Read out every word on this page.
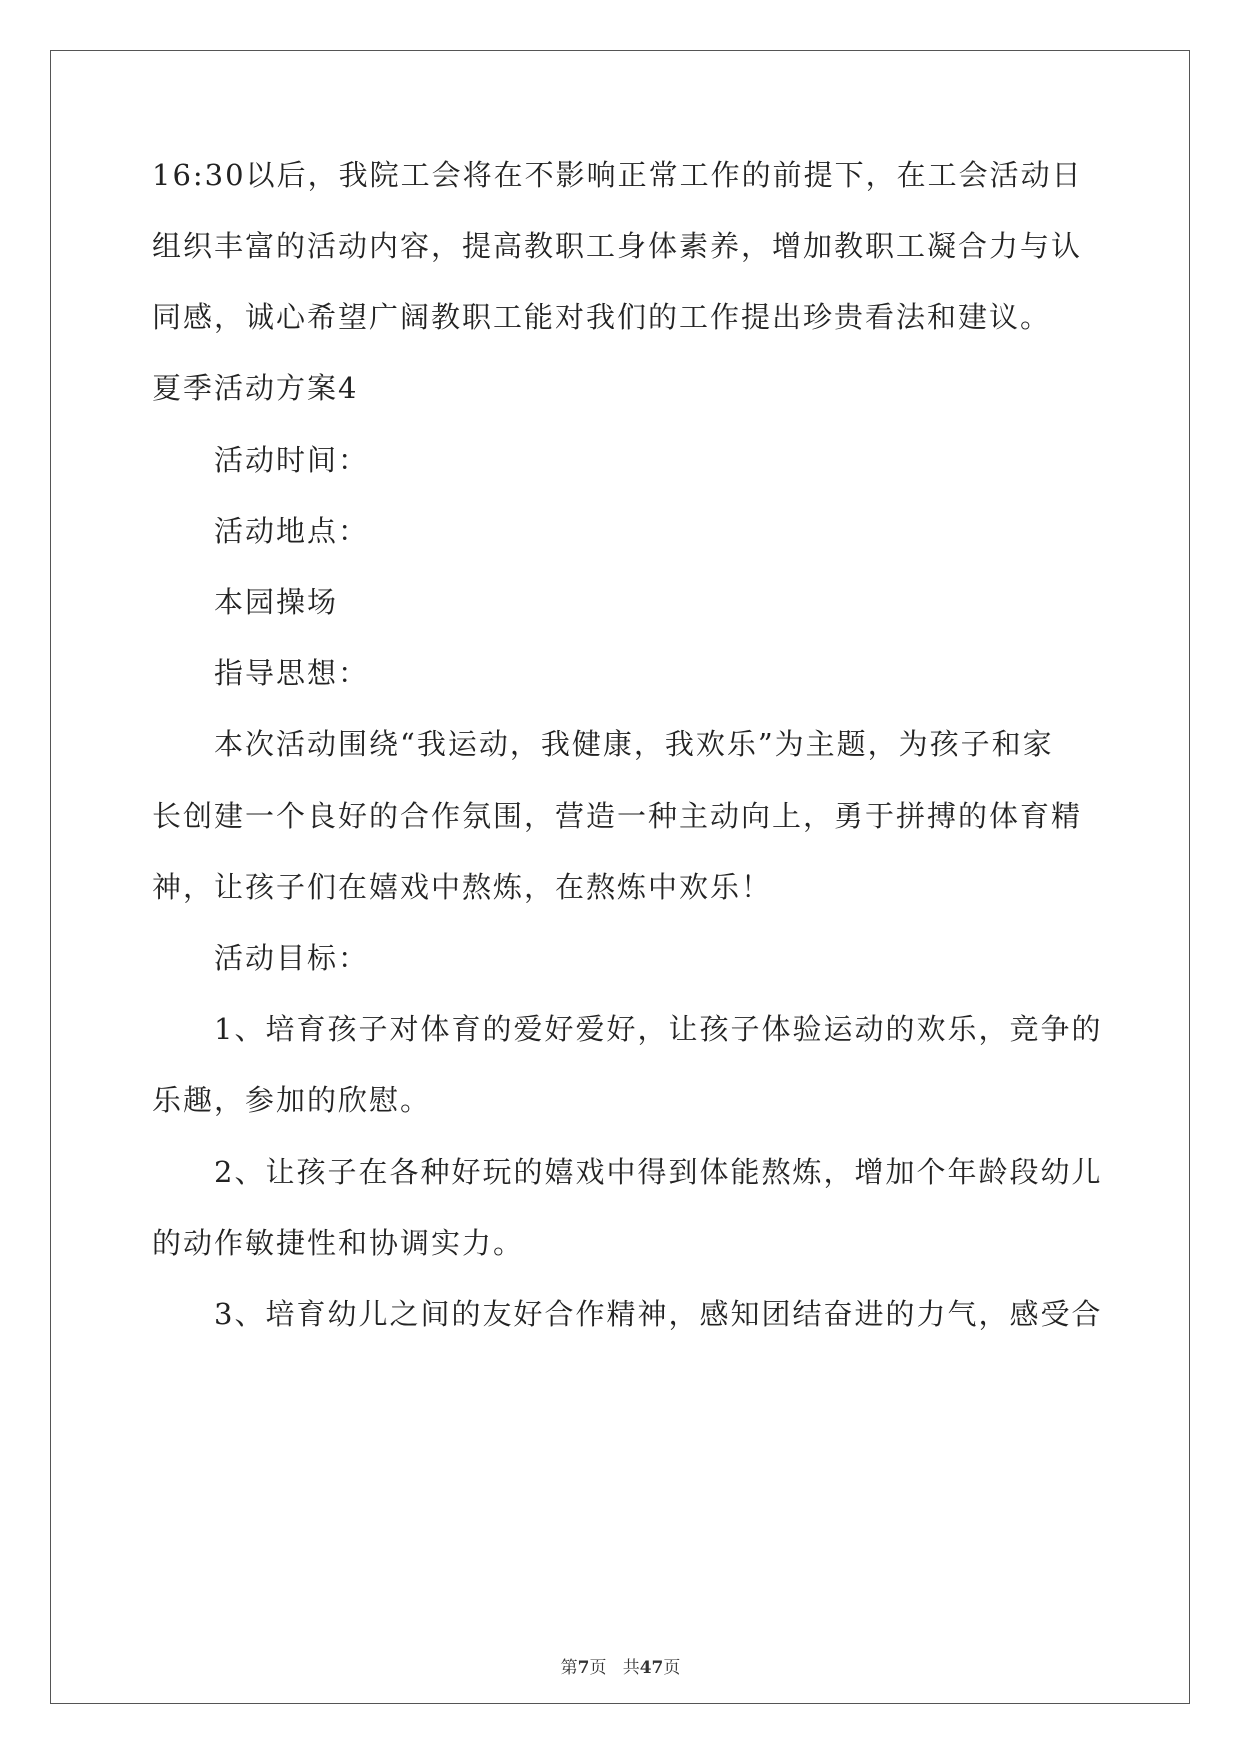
16:30以后，我院工会将在不影响正常工作的前提下，在工会活动日
组织丰富的活动内容，提高教职工身体素养，增加教职工凝合力与认
同感，诚心希望广阔教职工能对我们的工作提出珍贵看法和建议。
夏季活动方案4
活动时间：
活动地点：
本园操场
指导思想：
本次活动围绕“我运动，我健康，我欢乐”为主题，为孩子和家
长创建一个良好的合作氛围，营造一种主动向上，勇于拼搏的体育精
神，让孩子们在嬉戏中熬炼，在熬炼中欢乐！
活动目标：
1、培育孩子对体育的爱好爱好，让孩子体验运动的欢乐，竞争的
乐趣，参加的欣慰。
2、让孩子在各种好玩的嬉戏中得到体能熬炼，增加个年龄段幼儿
的动作敏捷性和协调实力。
3、培育幼儿之间的友好合作精神，感知团结奋进的力气，感受合
第7页 共47页
